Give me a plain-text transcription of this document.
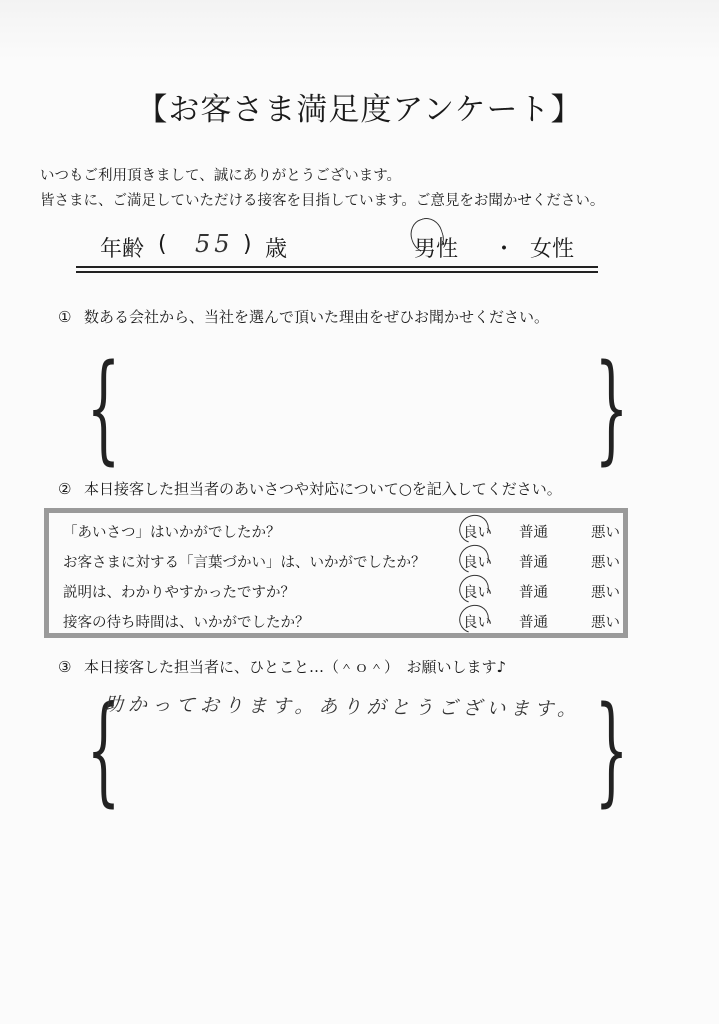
【お客さま満足度アンケート】
いつもご利用頂きまして、誠にありがとうございます。
皆さまに、ご満足していただける接客を目指しています。ご意見をお聞かせください。
年齢 ( 55 ) 歳	男性 ・ 女性
① 数ある会社から、当社を選んで頂いた理由をぜひお聞かせください。
{	}
② 本日接客した担当者のあいさつや対応について○を記入してください。
「あいさつ」はいかがでしたか？	良い 普通	悪い
お客さまに対する「言葉づかい」は、いかがでしたか？	良い 普通	悪い
説明は、わかりやすかったですか？	良い 普通	悪い
接客の待ち時間は、いかがでしたか？	良い 普通	悪い
③ 本日接客した担当者に、ひとこと…（＾ｏ＾）　お願いします♪
{	}
助かっております。ありがとうございます。
